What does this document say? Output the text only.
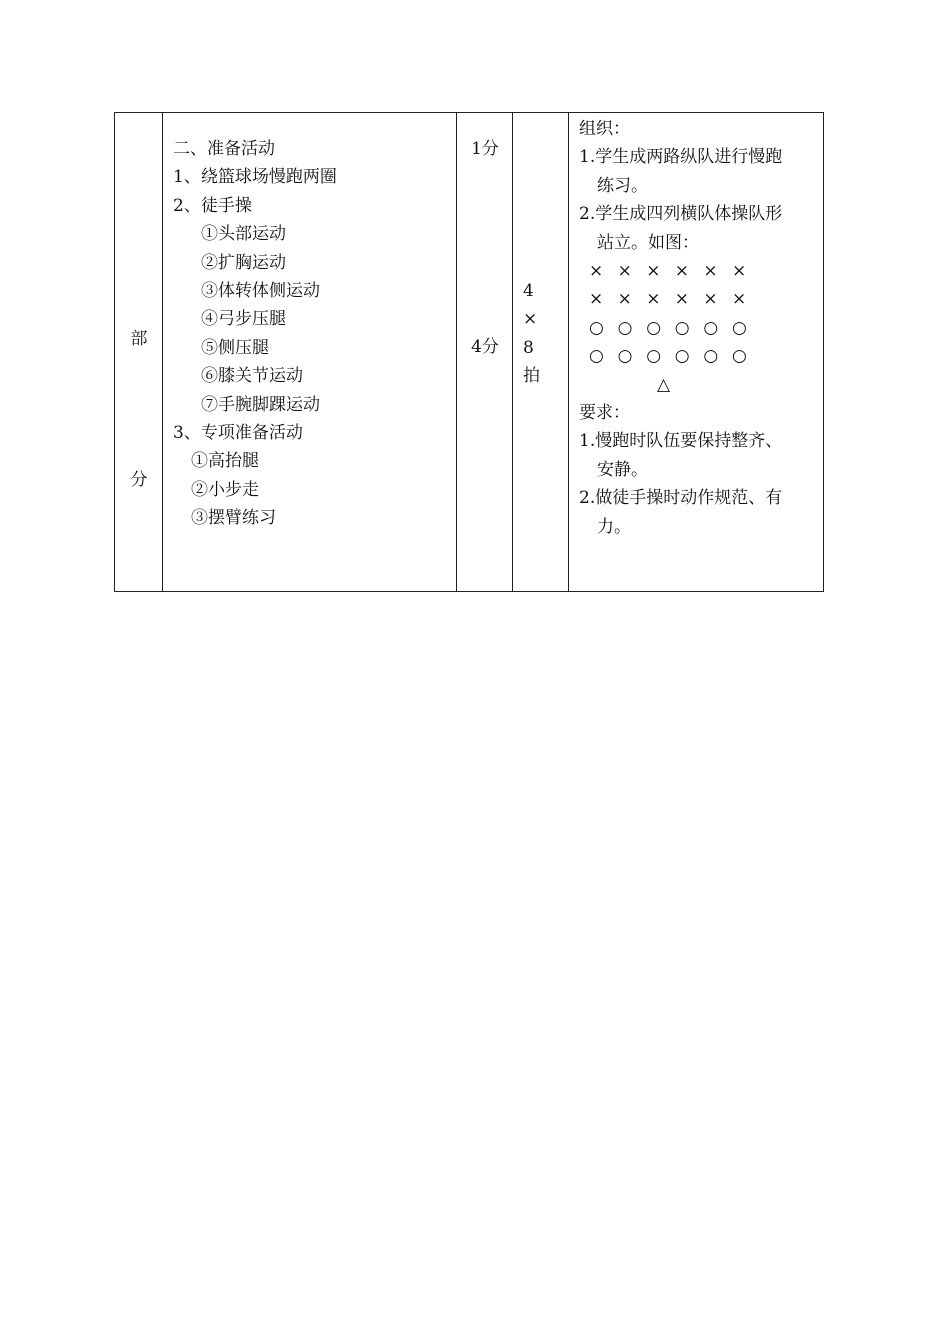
部
分

二、准备活动
1、绕篮球场慢跑两圈
2、徒手操
①头部运动
②扩胸运动
③体转体侧运动
④弓步压腿
⑤侧压腿
⑥膝关节运动
⑦手腕脚踝运动
3、专项准备活动
①高抬腿
②小步走
③摆臂练习

1分
4分

4
×
8
拍

组织：
1.学生成两路纵队进行慢跑
练习。
2.学生成四列横队体操队形
站立。如图：
× × × × × ×
× × × × × ×
○ ○ ○ ○ ○ ○
○ ○ ○ ○ ○ ○
△
要求：
1.慢跑时队伍要保持整齐、
安静。
2.做徒手操时动作规范、有
力。
